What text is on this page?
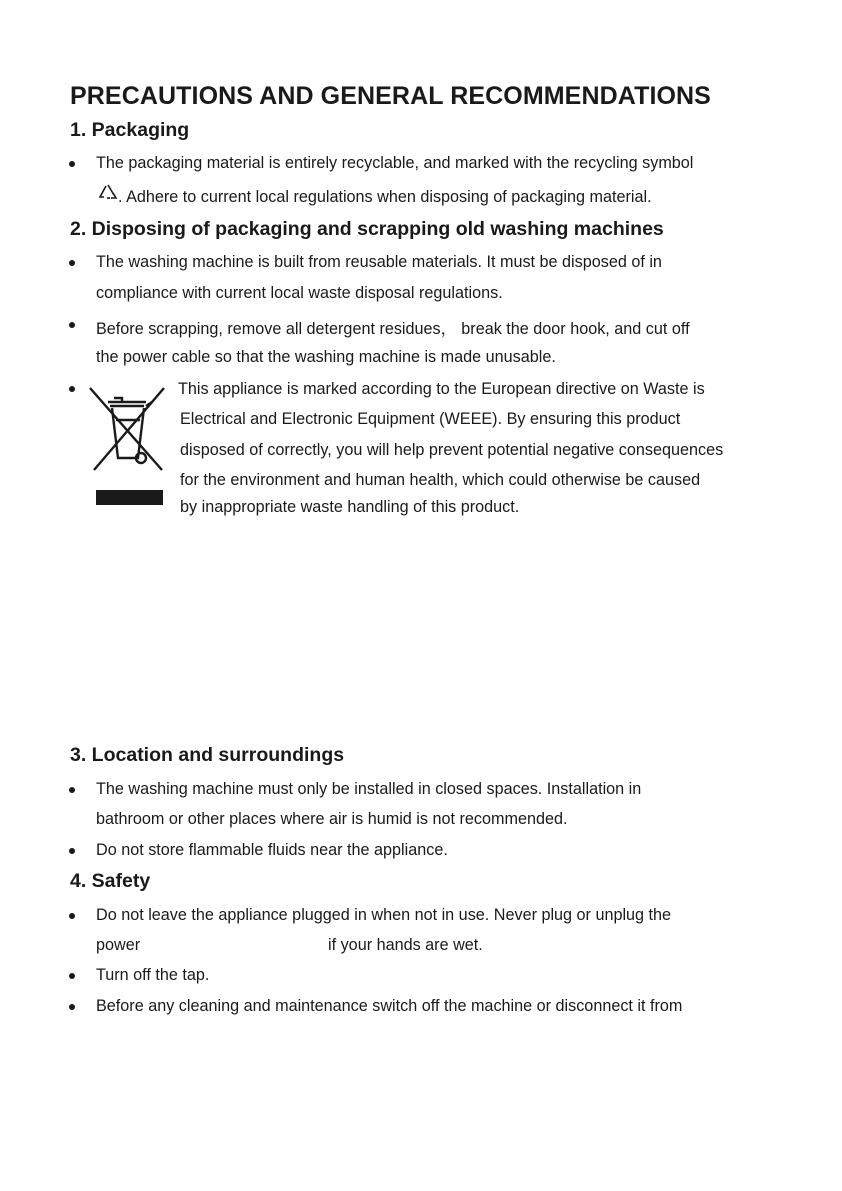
PRECAUTIONS AND GENERAL RECOMMENDATIONS
1. Packaging
The packaging material is entirely recyclable, and marked with the recycling symbol
. Adhere to current local regulations when disposing of packaging material.
2. Disposing of packaging and scrapping old washing machines
The washing machine is built from reusable materials. It must be disposed of in
compliance with current local waste disposal regulations.
Before scrapping, remove all detergent residues， break the door hook, and cut off
the power cable so that the washing machine is made unusable.
This appliance is marked according to the European directive on Waste is
Electrical and Electronic Equipment (WEEE). By ensuring this product
disposed of correctly, you will help prevent potential negative consequences
for the environment and human health, which could otherwise be caused
by inappropriate waste handling of this product.
3. Location and surroundings
The washing machine must only be installed in closed spaces. Installation in
bathroom or other places where air is humid is not recommended.
Do not store flammable fluids near the appliance.
4. Safety
Do not leave the appliance plugged in when not in use. Never plug or unplug the
power	if your hands are wet.
Turn off the tap.
Before any cleaning and maintenance switch off the machine or disconnect it from
